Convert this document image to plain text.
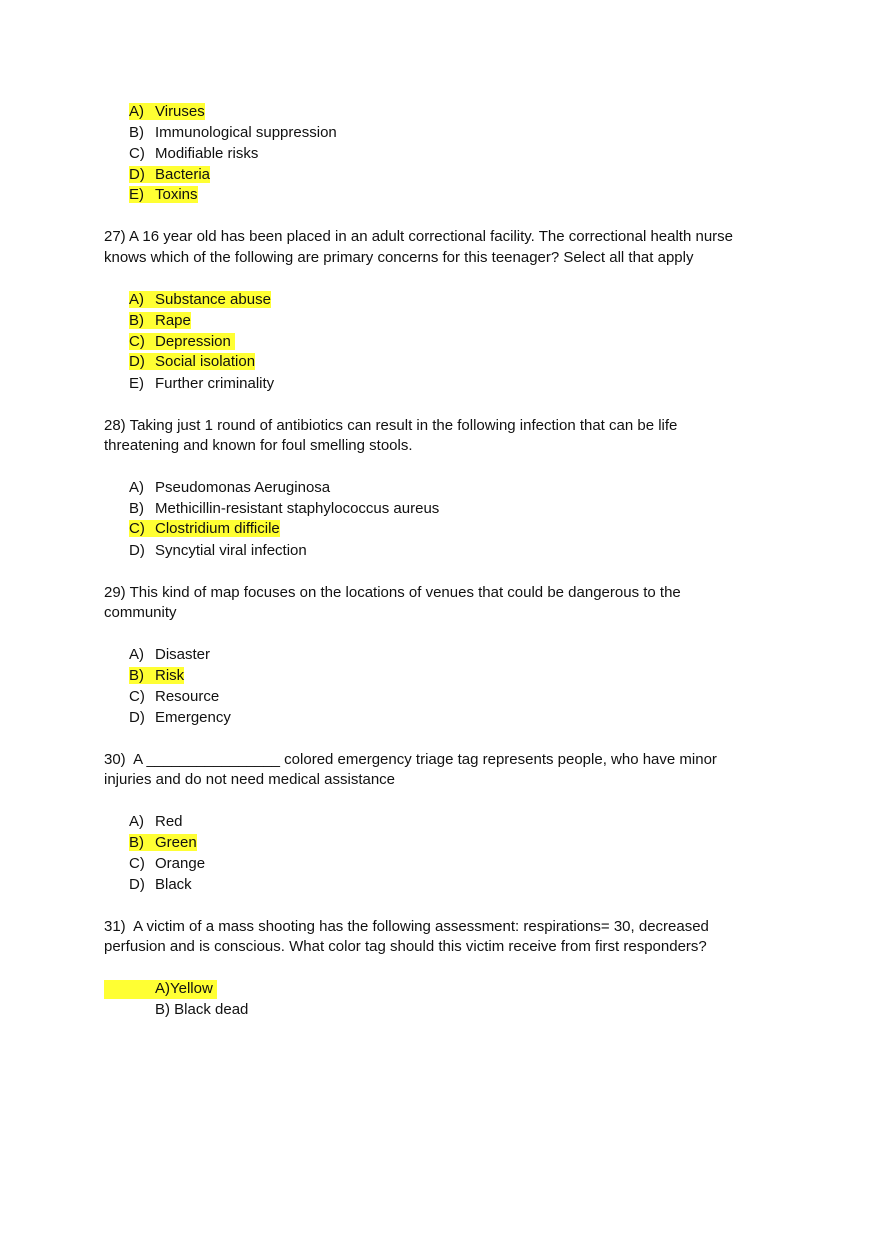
A) Viruses
B) Immunological suppression
C) Modifiable risks
D) Bacteria
E) Toxins
27) A 16 year old has been placed in an adult correctional facility. The correctional health nurse
knows which of the following are primary concerns for this teenager? Select all that apply
A) Substance abuse
B) Rape
C) Depression
D) Social isolation
E) Further criminality
28) Taking just 1 round of antibiotics can result in the following infection that can be life
threatening and known for foul smelling stools.
A) Pseudomonas Aeruginosa
B) Methicillin-resistant staphylococcus aureus
C) Clostridium difficile
D) Syncytial viral infection
29) This kind of map focuses on the locations of venues that could be dangerous to the
community
A) Disaster
B) Risk
C) Resource
D) Emergency
30)  A ________________ colored emergency triage tag represents people, who have minor
injuries and do not need medical assistance
A) Red
B) Green
C) Orange
D) Black
31)  A victim of a mass shooting has the following assessment: respirations= 30, decreased
perfusion and is conscious. What color tag should this victim receive from first responders?
A)Yellow
B) Black dead
